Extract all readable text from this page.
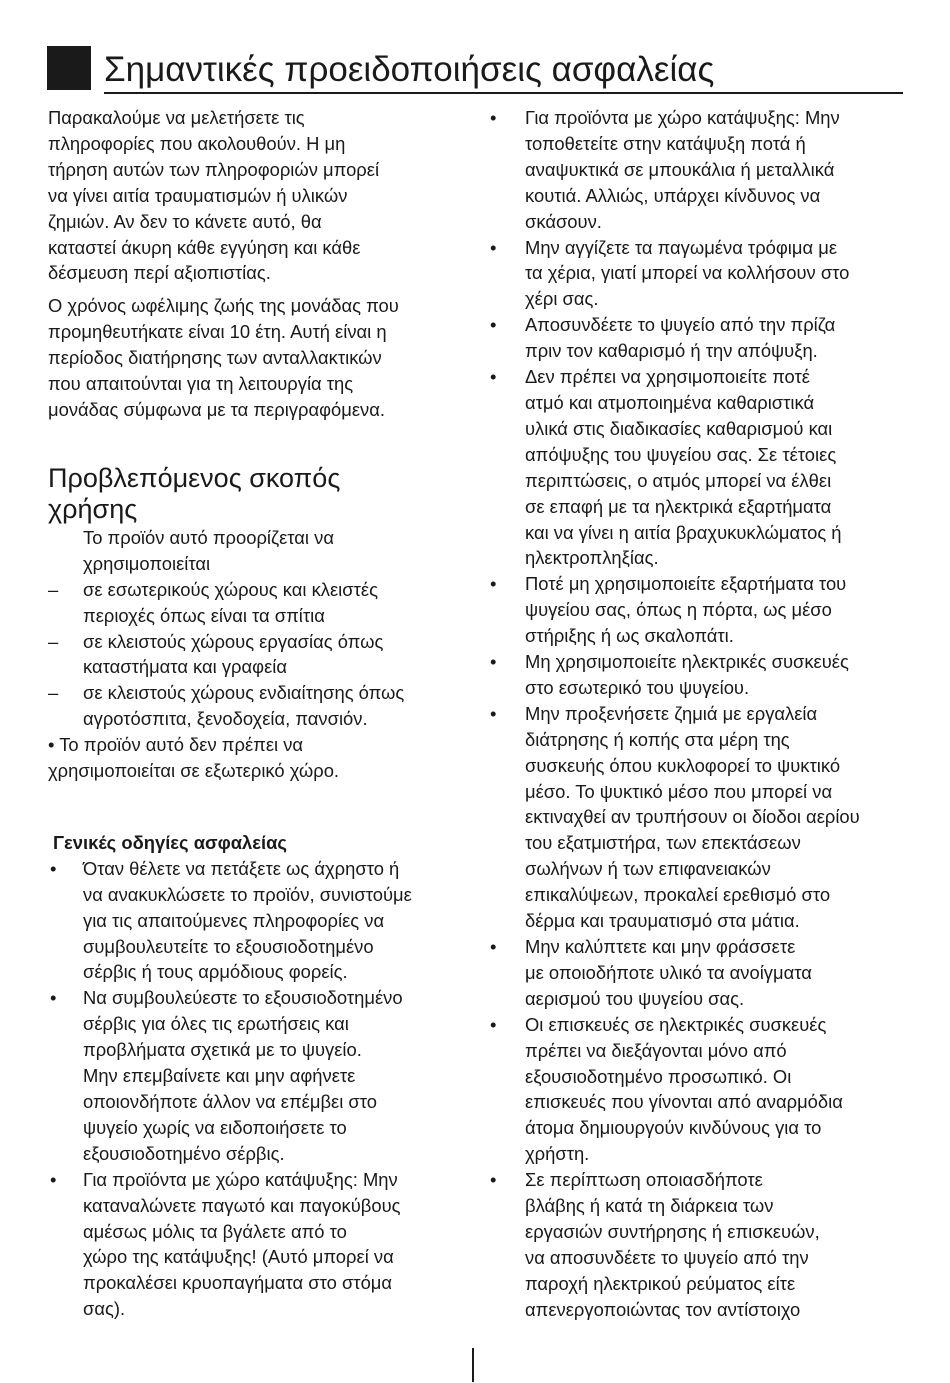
Σημαντικές προειδοποιήσεις ασφαλείας

Παρακαλούμε να μελετήσετε τις
πληροφορίες που ακολουθούν. Η μη
τήρηση αυτών των πληροφοριών μπορεί
να γίνει αιτία τραυματισμών ή υλικών
ζημιών. Αν δεν το κάνετε αυτό, θα
καταστεί άκυρη κάθε εγγύηση και κάθε
δέσμευση περί αξιοπιστίας.

Ο χρόνος ωφέλιμης ζωής της μονάδας που
προμηθευτήκατε είναι 10 έτη. Αυτή είναι η
περίοδος διατήρησης των ανταλλακτικών
που απαιτούνται για τη λειτουργία της
μονάδας σύμφωνα με τα περιγραφόμενα.

Προβλεπόμενος σκοπός
χρήσης

Το προϊόν αυτό προορίζεται να
χρησιμοποιείται

– σε εσωτερικούς χώρους και κλειστές
περιοχές όπως είναι τα σπίτια
– σε κλειστούς χώρους εργασίας όπως
καταστήματα και γραφεία
– σε κλειστούς χώρους ενδιαίτησης όπως
αγροτόσπιτα, ξενοδοχεία, πανσιόν.

• Το προϊόν αυτό δεν πρέπει να
χρησιμοποιείται σε εξωτερικό χώρο.

Γενικές οδηγίες ασφαλείας

• Όταν θέλετε να πετάξετε ως άχρηστο ή
να ανακυκλώσετε το προϊόν, συνιστούμε
για τις απαιτούμενες πληροφορίες να
συμβουλευτείτε το εξουσιοδοτημένο
σέρβις ή τους αρμόδιους φορείς.
• Να συμβουλεύεστε το εξουσιοδοτημένο
σέρβις για όλες τις ερωτήσεις και
προβλήματα σχετικά με το ψυγείο.
Μην επεμβαίνετε και μην αφήνετε
οποιονδήποτε άλλον να επέμβει στο
ψυγείο χωρίς να ειδοποιήσετε το
εξουσιοδοτημένο σέρβις.
• Για προϊόντα με χώρο κατάψυξης: Μην
καταναλώνετε παγωτό και παγοκύβους
αμέσως μόλις τα βγάλετε από το
χώρο της κατάψυξης! (Αυτό μπορεί να
προκαλέσει κρυοπαγήματα στο στόμα
σας).
• Για προϊόντα με χώρο κατάψυξης: Μην
τοποθετείτε στην κατάψυξη ποτά ή
αναψυκτικά σε μπουκάλια ή μεταλλικά
κουτιά. Αλλιώς, υπάρχει κίνδυνος να
σκάσουν.
• Μην αγγίζετε τα παγωμένα τρόφιμα με
τα χέρια, γιατί μπορεί να κολλήσουν στο
χέρι σας.
• Αποσυνδέετε το ψυγείο από την πρίζα
πριν τον καθαρισμό ή την απόψυξη.
• Δεν πρέπει να χρησιμοποιείτε ποτέ
ατμό και ατμοποιημένα καθαριστικά
υλικά στις διαδικασίες καθαρισμού και
απόψυξης του ψυγείου σας. Σε τέτοιες
περιπτώσεις, ο ατμός μπορεί να έλθει
σε επαφή με τα ηλεκτρικά εξαρτήματα
και να γίνει η αιτία βραχυκυκλώματος ή
ηλεκτροπληξίας.
• Ποτέ μη χρησιμοποιείτε εξαρτήματα του
ψυγείου σας, όπως η πόρτα, ως μέσο
στήριξης ή ως σκαλοπάτι.
• Μη χρησιμοποιείτε ηλεκτρικές συσκευές
στο εσωτερικό του ψυγείου.
• Μην προξενήσετε ζημιά με εργαλεία
διάτρησης ή κοπής στα μέρη της
συσκευής όπου κυκλοφορεί το ψυκτικό
μέσο. Το ψυκτικό μέσο που μπορεί να
εκτιναχθεί αν τρυπήσουν οι δίοδοι αερίου
του εξατμιστήρα, των επεκτάσεων
σωλήνων ή των επιφανειακών
επικαλύψεων, προκαλεί ερεθισμό στο
δέρμα και τραυματισμό στα μάτια.
• Μην καλύπτετε και μην φράσσετε
με οποιοδήποτε υλικό τα ανοίγματα
αερισμού του ψυγείου σας.
• Οι επισκευές σε ηλεκτρικές συσκευές
πρέπει να διεξάγονται μόνο από
εξουσιοδοτημένο προσωπικό. Οι
επισκευές που γίνονται από αναρμόδια
άτομα δημιουργούν κινδύνους για το
χρήστη.
• Σε περίπτωση οποιασδήποτε
βλάβης ή κατά τη διάρκεια των
εργασιών συντήρησης ή επισκευών,
να αποσυνδέετε το ψυγείο από την
παροχή ηλεκτρικού ρεύματος είτε
απενεργοποιώντας τον αντίστοιχο
